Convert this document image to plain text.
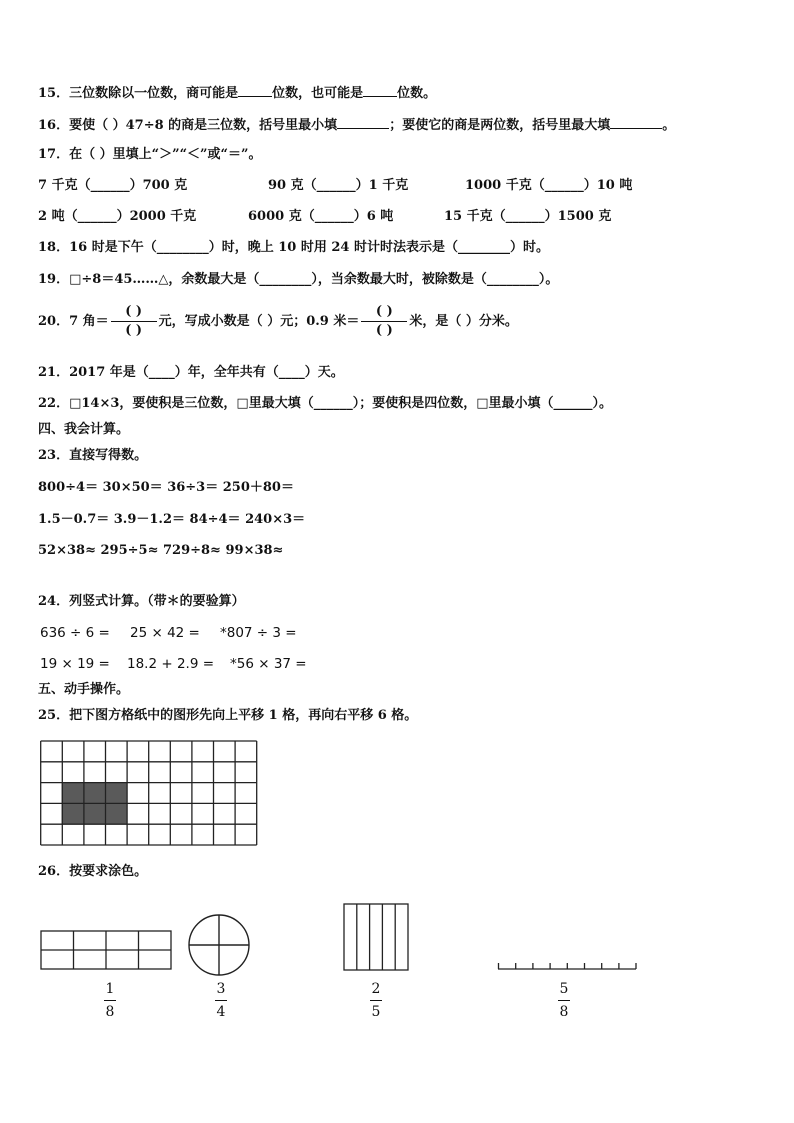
15．三位数除以一位数，商可能是	位数，也可能是	位数。
16．要使（ ）47÷8 的商是三位数，括号里最小填	；要使它的商是两位数，括号里最大填	。
17．在（ ）里填上“＞”“＜”或“＝”。
7 千克（______）700 克	90 克（______）1 千克	1000 千克（______）10 吨
2 吨（______）2000 千克	6000 克（______）6 吨	15 千克（______）1500 克
18．16 时是下午（________）时，晚上 10 时用 24 时计时法表示是（________）时。
19．□÷8＝45……△，余数最大是（________），当余数最大时，被除数是（________）。
20．7 角＝ $\frac{( )}{( )}$ 元，写成小数是（ ）元；0.9 米＝ $\frac{( )}{( )}$ 米，是（ ）分米。
21．2017 年是（____）年，全年共有（____）天。
22．□14×3，要使积是三位数，□里最大填（______）；要使积是四位数，□里最小填（______）。
四、我会计算。
23．直接写得数。
800÷4＝ 30×50＝ 36÷3＝ 250＋80＝
1.5－0.7＝ 3.9－1.2＝ 84÷4＝ 240×3＝
52×38≈ 295÷5≈ 729÷8≈ 99×38≈
24．列竖式计算。（带＊的要验算）
636 ÷ 6 = 25 × 42 = *807 ÷ 3 =
19 × 19 = 18.2 + 2.9 = *56 × 37 =
五、动手操作。
25．把下图方格纸中的图形先向上平移 1 格，再向右平移 6 格。
26．按要求涂色。
1
8
3
4
2
5
5
8
